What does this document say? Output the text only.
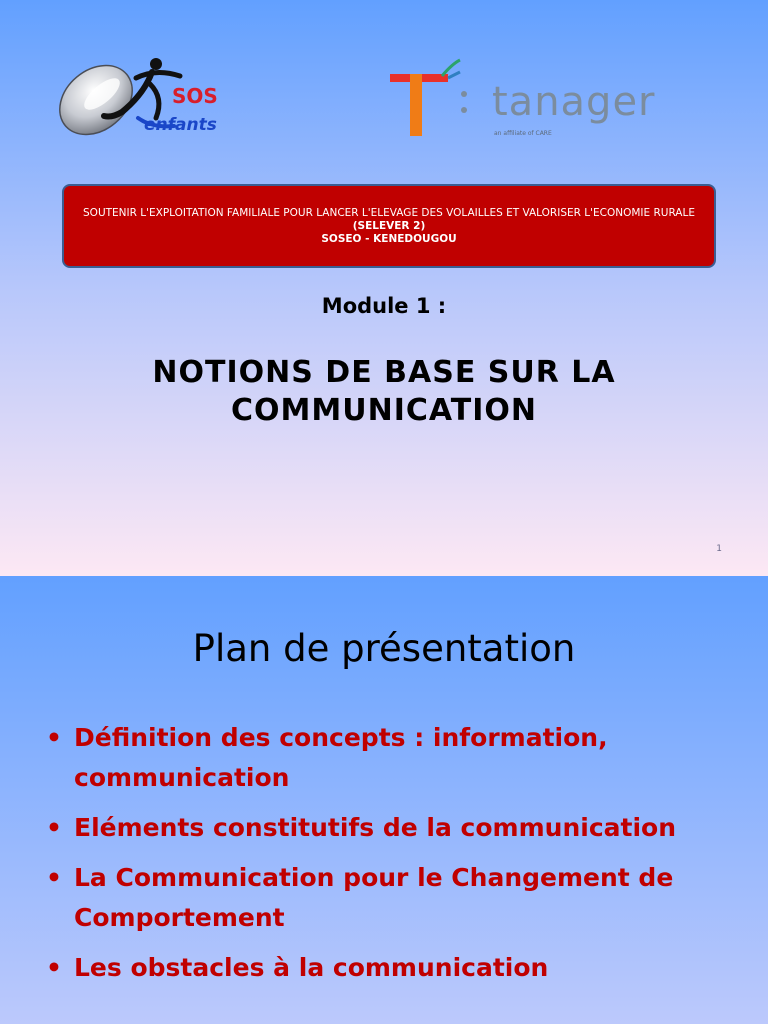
SOS
enfants	tanager
an affiliate of CARE
SOUTENIR L'EXPLOITATION FAMILIALE POUR LANCER L'ELEVAGE DES VOLAILLES ET VALORISER L'ECONOMIE RURALE
(SELEVER 2)
SOSEO - KENEDOUGOU
Module 1 :
NOTIONS DE BASE SUR LA
COMMUNICATION
1
Plan de présentation
• Définition des concepts : information, communication
• Eléments constitutifs de la communication
• La Communication pour le Changement de Comportement
• Les obstacles à la communication
